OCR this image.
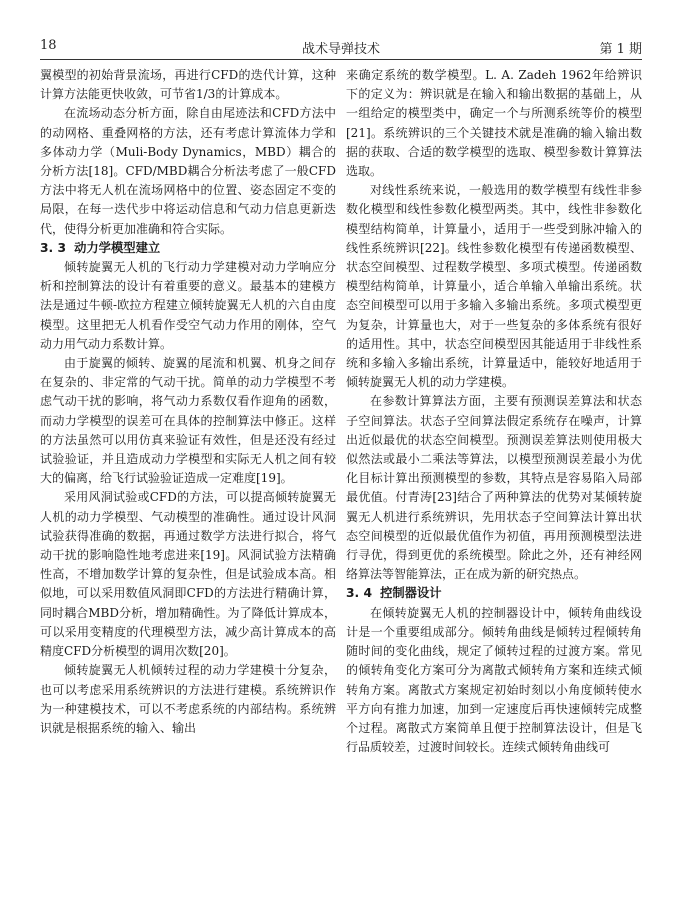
18	战术导弹技术	第 1 期

翼模型的初始背景流场，再进行CFD的迭代计算，这种计算方法能更快收敛，可节省1/3的计算成本。

在流场动态分析方面，除自由尾迹法和CFD方法中的动网格、重叠网格的方法，还有考虑计算流体力学和多体动力学（Muli-Body Dynamics，MBD）耦合的分析方法[18]。CFD/MBD耦合分析法考虑了一般CFD方法中将无人机在流场网格中的位置、姿态固定不变的局限，在每一迭代步中将运动信息和气动力信息更新迭代，使得分析更加准确和符合实际。

3. 3 动力学模型建立

倾转旋翼无人机的飞行动力学建模对动力学响应分析和控制算法的设计有着重要的意义。最基本的建模方法是通过牛顿-欧拉方程建立倾转旋翼无人机的六自由度模型。这里把无人机看作受空气动力作用的刚体，空气动力用气动力系数计算。

由于旋翼的倾转、旋翼的尾流和机翼、机身之间存在复杂的、非定常的气动干扰。简单的动力学模型不考虑气动干扰的影响，将气动力系数仅看作迎角的函数，而动力学模型的误差可在具体的控制算法中修正。这样的方法虽然可以用仿真来验证有效性，但是还没有经过试验验证，并且造成动力学模型和实际无人机之间有较大的偏离，给飞行试验验证造成一定难度[19]。

采用风洞试验或CFD的方法，可以提高倾转旋翼无人机的动力学模型、气动模型的准确性。通过设计风洞试验获得准确的数据，再通过数学方法进行拟合，将气动干扰的影响隐性地考虑进来[19]。风洞试验方法精确性高，不增加数学计算的复杂性，但是试验成本高。相似地，可以采用数值风洞即CFD的方法进行精确计算，同时耦合MBD分析，增加精确性。为了降低计算成本，可以采用变精度的代理模型方法，减少高计算成本的高精度CFD分析模型的调用次数[20]。

倾转旋翼无人机倾转过程的动力学建模十分复杂，也可以考虑采用系统辨识的方法进行建模。系统辨识作为一种建模技术，可以不考虑系统的内部结构。系统辨识就是根据系统的输入、输出

来确定系统的数学模型。L. A. Zadeh 1962年给辨识下的定义为：辨识就是在输入和输出数据的基础上，从一组给定的模型类中，确定一个与所测系统等价的模型[21]。系统辨识的三个关键技术就是准确的输入输出数据的获取、合适的数学模型的选取、模型参数计算算法选取。

对线性系统来说，一般选用的数学模型有线性非参数化模型和线性参数化模型两类。其中，线性非参数化模型结构简单，计算量小，适用于一些受到脉冲输入的线性系统辨识[22]。线性参数化模型有传递函数模型、状态空间模型、过程数学模型、多项式模型。传递函数模型结构简单，计算量小，适合单输入单输出系统。状态空间模型可以用于多输入多输出系统。多项式模型更为复杂，计算量也大，对于一些复杂的多体系统有很好的适用性。其中，状态空间模型因其能适用于非线性系统和多输入多输出系统，计算量适中，能较好地适用于倾转旋翼无人机的动力学建模。

在参数计算算法方面，主要有预测误差算法和状态子空间算法。状态子空间算法假定系统存在噪声，计算出近似最优的状态空间模型。预测误差算法则使用极大似然法或最小二乘法等算法，以模型预测误差最小为优化目标计算出预测模型的参数，其特点是容易陷入局部最优值。付青涛[23]结合了两种算法的优势对某倾转旋翼无人机进行系统辨识，先用状态子空间算法计算出状态空间模型的近似最优值作为初值，再用预测模型法进行寻优，得到更优的系统模型。除此之外，还有神经网络算法等智能算法，正在成为新的研究热点。

3. 4 控制器设计

在倾转旋翼无人机的控制器设计中，倾转角曲线设计是一个重要组成部分。倾转角曲线是倾转过程倾转角随时间的变化曲线，规定了倾转过程的过渡方案。常见的倾转角变化方案可分为离散式倾转角方案和连续式倾转角方案。离散式方案规定初始时刻以小角度倾转使水平方向有推力加速，加到一定速度后再快速倾转完成整个过程。离散式方案简单且便于控制算法设计，但是飞行品质较差，过渡时间较长。连续式倾转角曲线可
